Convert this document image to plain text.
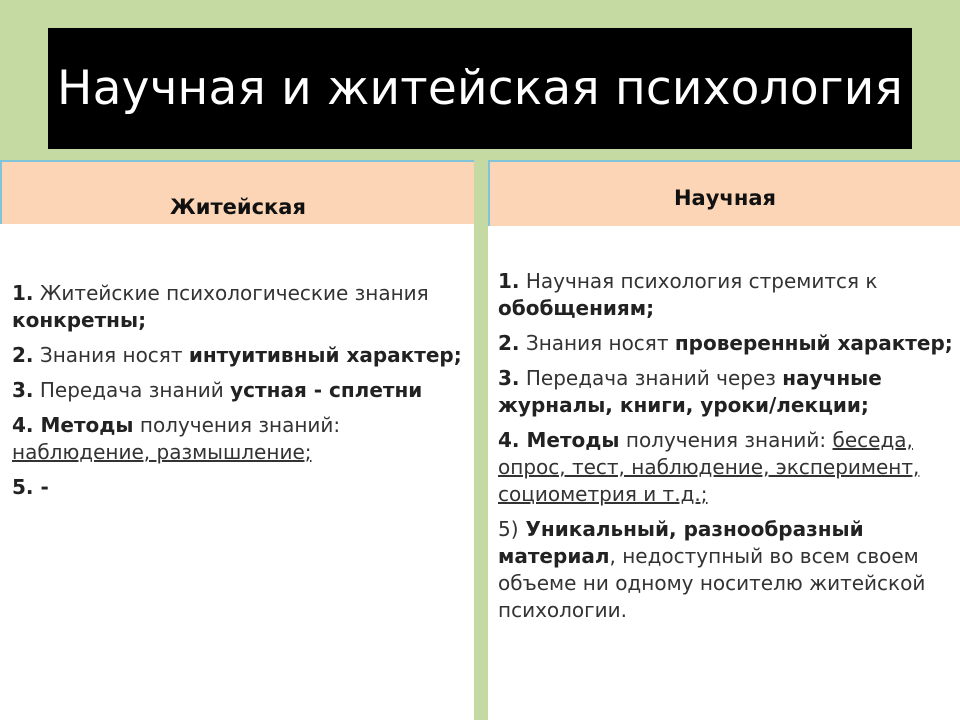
Научная и житейская психология
Житейская
1. Житейские психологические знания конкретны;
2. Знания носят интуитивный характер;
3. Передача знаний устная - сплетни
4. Методы получения знаний: наблюдение, размышление;
5. -
Научная
1. Научная психология стремится к обобщениям;
2. Знания носят проверенный характер;
3. Передача знаний через научные журналы, книги, уроки/лекции;
4. Методы получения знаний: беседа, опрос, тест, наблюдение, эксперимент, социометрия и т.д.;
5) Уникальный, разнообразный материал, недоступный во всем своем объеме ни одному носителю житейской психологии.
